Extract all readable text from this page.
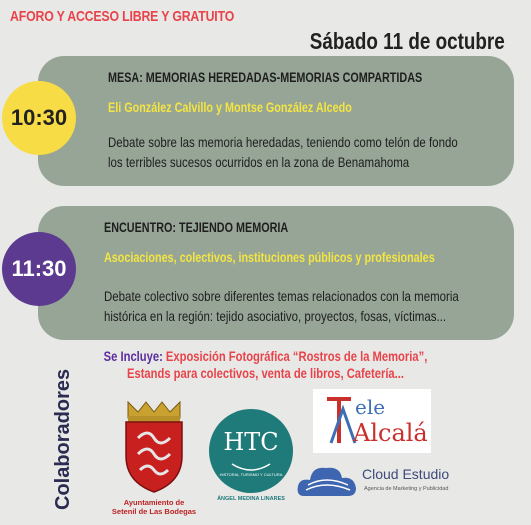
AFORO Y ACCESO LIBRE Y GRATUITO
Sábado 11 de octubre
MESA: MEMORIAS HEREDADAS-MEMORIAS COMPARTIDAS
Eli González Calvillo y Montse González Alcedo
Debate sobre las memoria heredadas, teniendo como telón de fondo
los terribles sucesos ocurridos en la zona de Benamahoma
10:30
ENCUENTRO: TEJIENDO MEMORIA
Asociaciones, colectivos, instituciones públicos y profesionales
Debate colectivo sobre diferentes temas relacionados con la memoria
histórica en la región: tejido asociativo, proyectos, fosas, víctimas...
11:30
Se Incluye: Exposición Fotográfica “Rostros de la Memoria”,
Estands para colectivos, venta de libros, Cafetería...
Colaboradores	Ayuntamiento de
Setenil de Las Bodegas
HTC
HISTORIA, TURISMO Y CULTURA
ÁNGEL MEDINA LINARES
ele
Alcalá
Cloud Estudio
Agencia de Marketing y Publicidad
